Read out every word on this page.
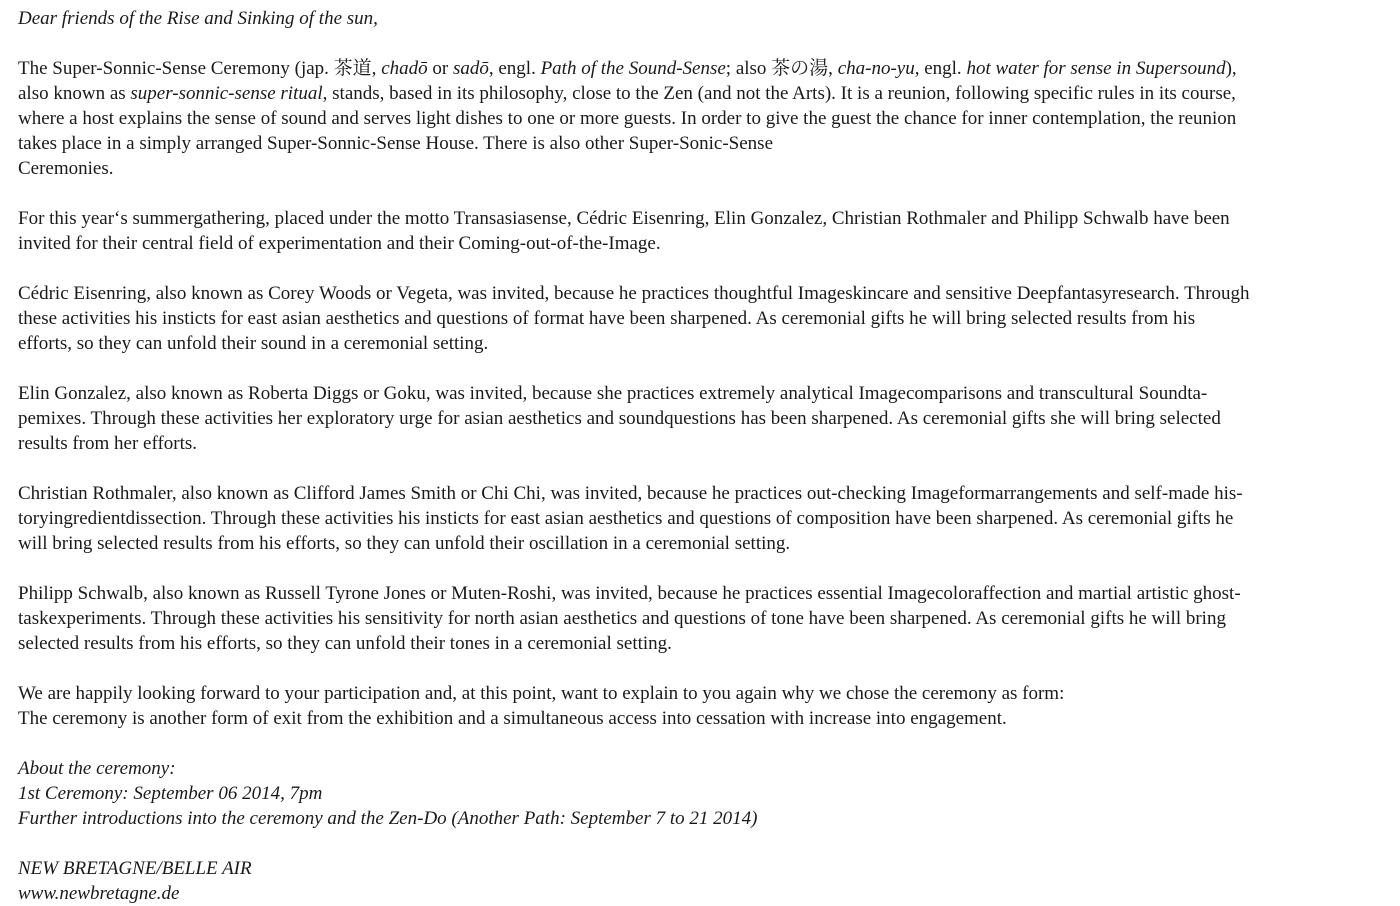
Dear friends of the Rise and Sinking of the sun,
The Super-Sonnic-Sense Ceremony (jap. 茶道, chadō or sadō, engl. Path of the Sound-Sense; also 茶の湯, cha-no-yu, engl. hot water for sense in Supersound),
also known as super-sonnic-sense ritual, stands, based in its philosophy, close to the Zen (and not the Arts). It is a reunion, following specific rules in its course,
where a host explains the sense of sound and serves light dishes to one or more guests. In order to give the guest the chance for inner contemplation, the reunion
takes place in a simply arranged Super-Sonnic-Sense House. There is also other Super-Sonic-Sense
Ceremonies.
For this year‘s summergathering, placed under the motto Transasiasense, Cédric Eisenring, Elin Gonzalez, Christian Rothmaler and Philipp Schwalb have been
invited for their central field of experimentation and their Coming-out-of-the-Image.
Cédric Eisenring, also known as Corey Woods or Vegeta, was invited, because he practices thoughtful Imageskincare and sensitive Deepfantasyresearch. Through
these activities his insticts for east asian aesthetics and questions of format have been sharpened. As ceremonial gifts he will bring selected results from his
efforts, so they can unfold their sound in a ceremonial setting.
Elin Gonzalez, also known as Roberta Diggs or Goku, was invited, because she practices extremely analytical Imagecomparisons and transcultural Soundta-
pemixes. Through these activities her exploratory urge for asian aesthetics and soundquestions has been sharpened. As ceremonial gifts she will bring selected
results from her efforts.
Christian Rothmaler, also known as Clifford James Smith or Chi Chi, was invited, because he practices out-checking Imageformarrangements and self-made his-
toryingredientdissection. Through these activities his insticts for east asian aesthetics and questions of composition have been sharpened. As ceremonial gifts he
will bring selected results from his efforts, so they can unfold their oscillation in a ceremonial setting.
Philipp Schwalb, also known as Russell Tyrone Jones or Muten-Roshi, was invited, because he practices essential Imagecoloraffection and martial artistic ghost-
taskexperiments. Through these activities his sensitivity for north asian aesthetics and questions of tone have been sharpened. As ceremonial gifts he will bring
selected results from his efforts, so they can unfold their tones in a ceremonial setting.
We are happily looking forward to your participation and, at this point, want to explain to you again why we chose the ceremony as form:
The ceremony is another form of exit from the exhibition and a simultaneous access into cessation with increase into engagement.
About the ceremony:
1st Ceremony: September 06 2014, 7pm
Further introductions into the ceremony and the Zen-Do (Another Path: September 7 to 21 2014)
NEW BRETAGNE/BELLE AIR
www.newbretagne.de
